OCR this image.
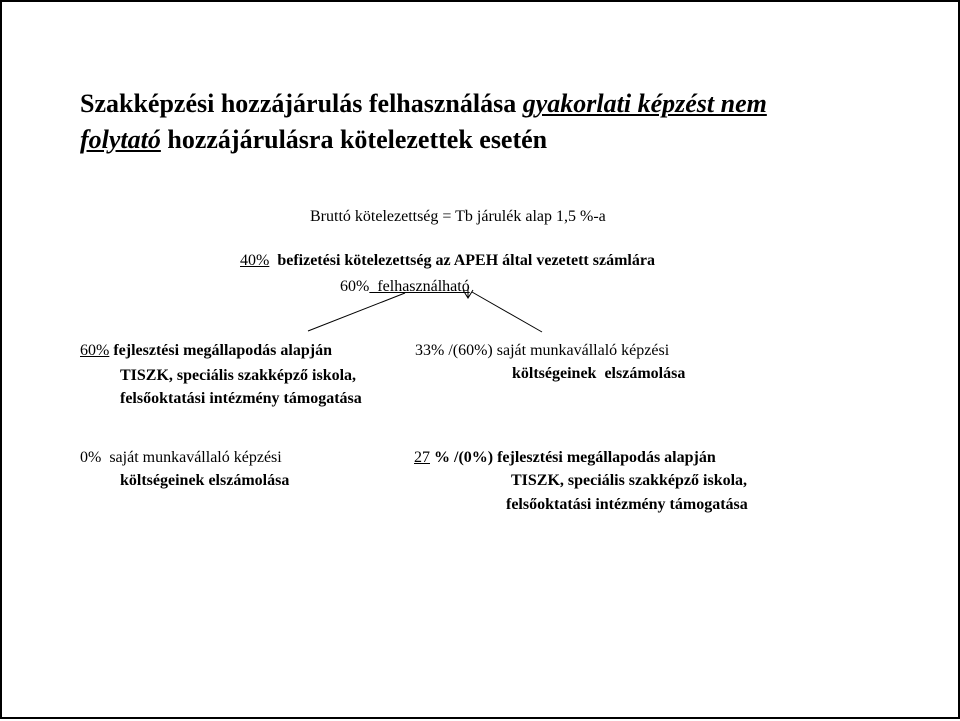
Szakképzési hozzájárulás felhasználása gyakorlati képzést nem
folytató hozzájárulásra kötelezettek esetén
Bruttó kötelezettség = Tb járulék alap 1,5 %-a
40%  befizetési kötelezettség az APEH által vezetett számlára
60%  felhasználható
60% fejlesztési megállapodás alapján
TISZK, speciális szakképző iskola,
felsőoktatási intézmény támogatása
33% /(60%) saját munkavállaló képzési
költségeinek  elszámolása
0%  saját munkavállaló képzési
költségeinek elszámolása
27 % /(0%) fejlesztési megállapodás alapján
TISZK, speciális szakképző iskola,
felsőoktatási intézmény támogatása
